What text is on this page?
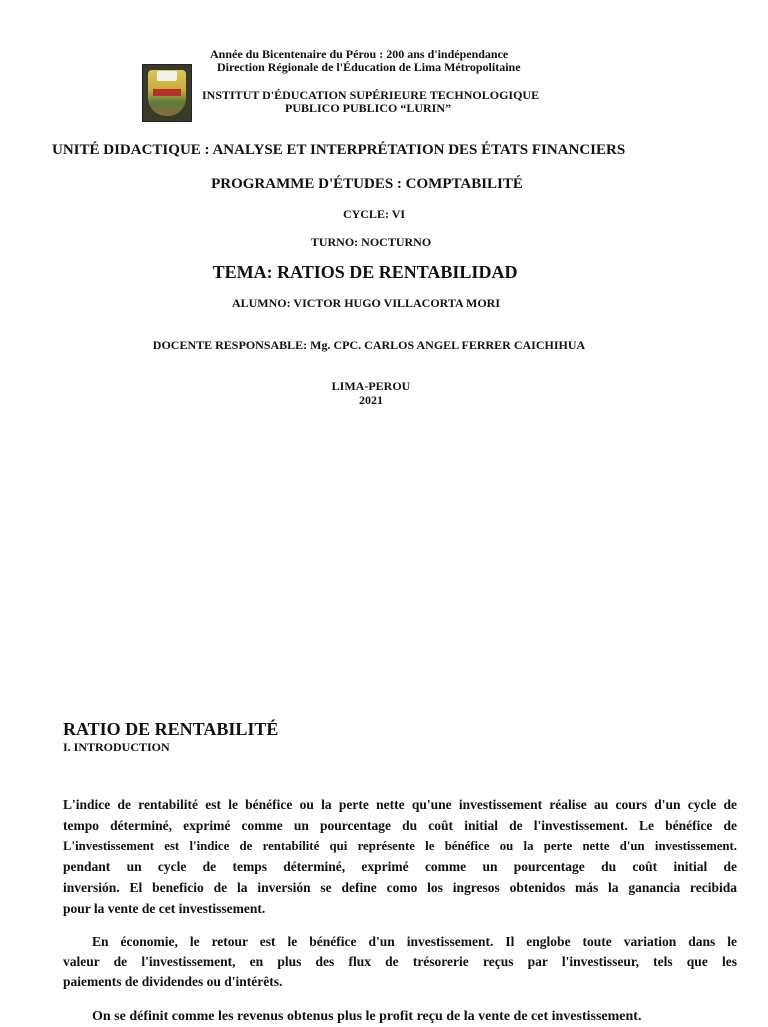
Année du Bicentenaire du Pérou : 200 ans d'indépendance
Direction Régionale de l'Éducation de Lima Métropolitaine
INSTITUT D'ÉDUCATION SUPÉRIEURE TECHNOLOGIQUE
PUBLICO PUBLICO “LURIN”
UNITÉ DIDACTIQUE : ANALYSE ET INTERPRÉTATION DES ÉTATS FINANCIERS
PROGRAMME D'ÉTUDES : COMPTABILITÉ
CYCLE: VI
TURNO: NOCTURNO
TEMA: RATIOS DE RENTABILIDAD
ALUMNO: VICTOR HUGO VILLACORTA MORI
DOCENTE RESPONSABLE: Mg. CPC. CARLOS ANGEL FERRER CAICHIHUA
LIMA-PEROU
2021
RATIO DE RENTABILITÉ
I. INTRODUCTION
L'indice de rentabilité est le bénéfice ou la perte nette qu'une investissement réalise au cours d'un cycle de
tempo déterminé, exprimé comme un pourcentage du coût initial de l'investissement. Le bénéfice de
L'investissement est l'indice de rentabilité qui représente le bénéfice ou la perte nette d'un investissement.
pendant un cycle de temps déterminé, exprimé comme un pourcentage du coût initial de
inversión. El beneficio de la inversión se define como los ingresos obtenidos más la ganancia recibida
pour la vente de cet investissement.
En économie, le retour est le bénéfice d'un investissement. Il englobe toute variation dans le
valeur de l'investissement, en plus des flux de trésorerie reçus par l'investisseur, tels que les
paiements de dividendes ou d'intérêts.
On se définit comme les revenus obtenus plus le profit reçu de la vente de cet investissement.
